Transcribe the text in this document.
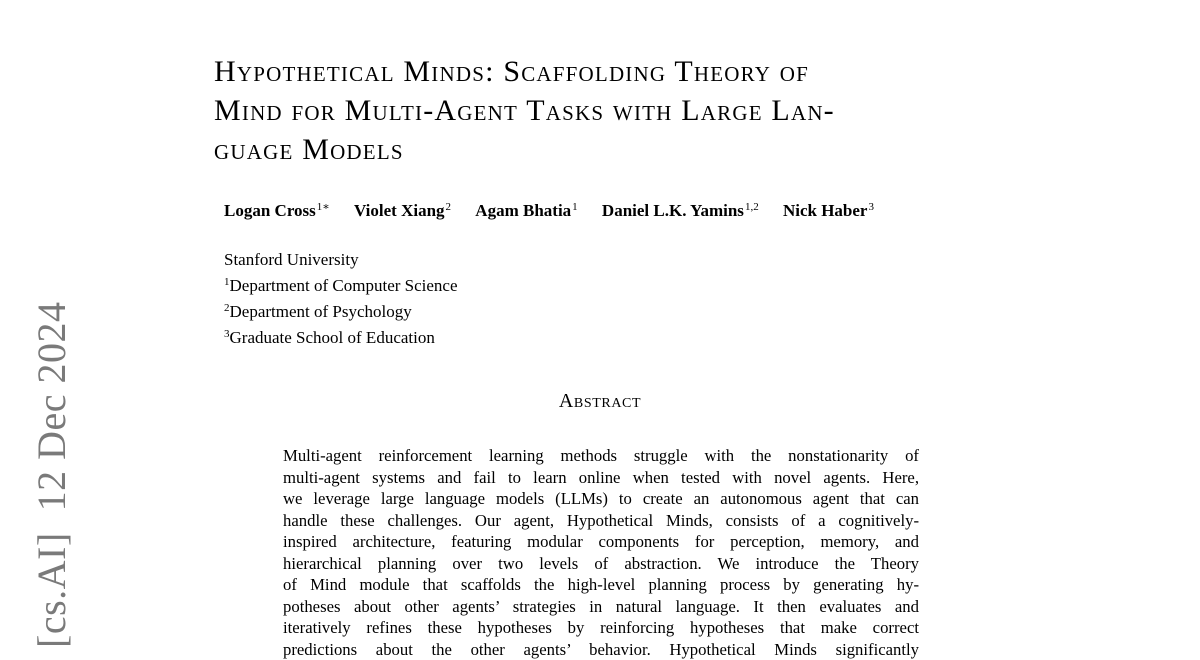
[cs.AI]  12 Dec 2024
Hypothetical Minds: Scaffolding Theory of
Mind for Multi-Agent Tasks with Large Lan-
guage Models
Logan Cross$^{1∗}$ Violet Xiang$^2$ Agam Bhatia$^1$ Daniel L.K. Yamins$^{1,2}$ Nick Haber$^3$
Stanford University
$^1$Department of Computer Science
$^2$Department of Psychology
$^3$Graduate School of Education
Abstract
Multi-agent reinforcement learning methods struggle with the nonstationarity of
multi-agent systems and fail to learn online when tested with novel agents. Here,
we leverage large language models (LLMs) to create an autonomous agent that can
handle these challenges. Our agent, Hypothetical Minds, consists of a cognitively-
inspired architecture, featuring modular components for perception, memory, and
hierarchical planning over two levels of abstraction. We introduce the Theory
of Mind module that scaffolds the high-level planning process by generating hy-
potheses about other agents’ strategies in natural language. It then evaluates and
iteratively refines these hypotheses by reinforcing hypotheses that make correct
predictions about the other agents’ behavior. Hypothetical Minds significantly
